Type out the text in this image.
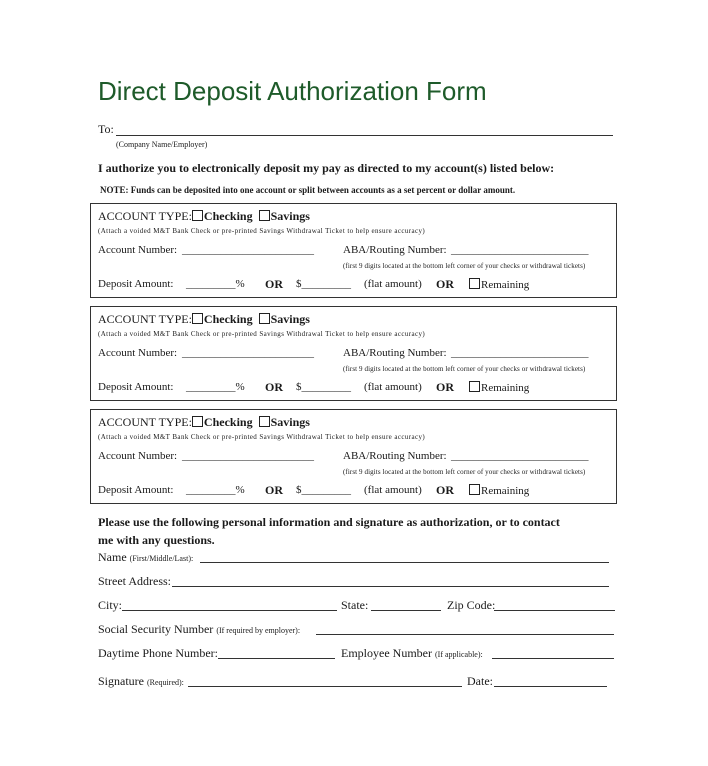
Direct Deposit Authorization Form
To:
(Company Name/Employer)
I authorize you to electronically deposit my pay as directed to my account(s) listed below:
NOTE: Funds can be deposited into one account or split between accounts as a set percent or dollar amount.
ACCOUNT TYPE: Checking Savings
(Attach a voided M&T Bank Check or pre-printed Savings Withdrawal Ticket to help ensure accuracy)
Account Number: ________________________	ABA/Routing Number: _________________________
(first 9 digits located at the bottom left corner of your checks or withdrawal tickets)
Deposit Amount: _________% OR $_________ (flat amount) OR	Remaining
ACCOUNT TYPE: Checking Savings
(Attach a voided M&T Bank Check or pre-printed Savings Withdrawal Ticket to help ensure accuracy)
Account Number: ________________________	ABA/Routing Number: _________________________
(first 9 digits located at the bottom left corner of your checks or withdrawal tickets)
Deposit Amount: _________% OR $_________ (flat amount) OR	Remaining
ACCOUNT TYPE: Checking Savings
(Attach a voided M&T Bank Check or pre-printed Savings Withdrawal Ticket to help ensure accuracy)
Account Number: ________________________	ABA/Routing Number: _________________________
(first 9 digits located at the bottom left corner of your checks or withdrawal tickets)
Deposit Amount: _________% OR $_________ (flat amount) OR	Remaining
Please use the following personal information and signature as authorization, or to contact
me with any questions.
Name (First/Middle/Last):
Street Address:
City:	State:	Zip Code:
Social Security Number (If required by employer):
Daytime Phone Number:	Employee Number (If applicable):
Signature (Required):	Date:
